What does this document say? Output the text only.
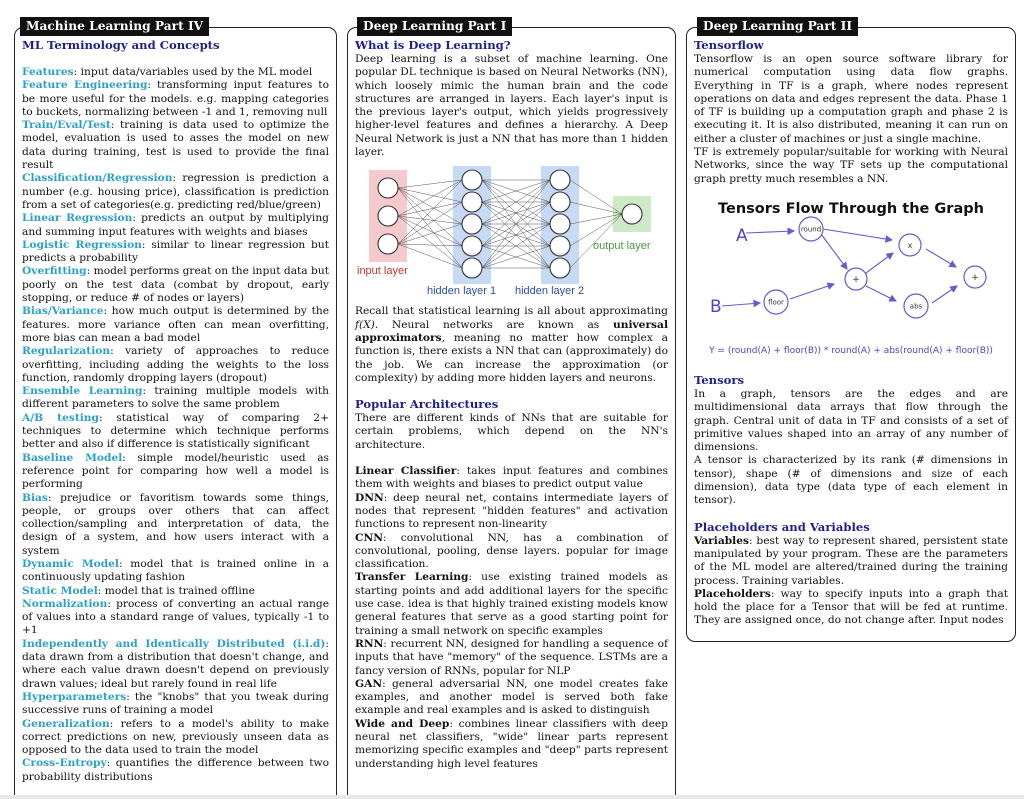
Machine Learning Part IV

ML Terminology and Concepts

Features: input data/variables used by the ML model

Feature Engineering: transforming input features to be more useful for the models. e.g. mapping categories to buckets, normalizing between -1 and 1, removing null

Train/Eval/Test: training is data used to optimize the model, evaluation is used to asses the model on new data during training, test is used to provide the final result

Classification/Regression: regression is prediction a number (e.g. housing price), classification is prediction from a set of categories(e.g. predicting red/blue/green)

Linear Regression: predicts an output by multiplying and summing input features with weights and biases

Logistic Regression: similar to linear regression but predicts a probability

Overfitting: model performs great on the input data but poorly on the test data (combat by dropout, early stopping, or reduce # of nodes or layers)

Bias/Variance: how much output is determined by the features. more variance often can mean overfitting, more bias can mean a bad model

Regularization: variety of approaches to reduce overfitting, including adding the weights to the loss function, randomly dropping layers (dropout)

Ensemble Learning: training multiple models with different parameters to solve the same problem

A/B testing: statistical way of comparing 2+ techniques to determine which technique performs better and also if difference is statistically significant

Baseline Model: simple model/heuristic used as reference point for comparing how well a model is performing

Bias: prejudice or favoritism towards some things, people, or groups over others that can affect collection/sampling and interpretation of data, the design of a system, and how users interact with a system

Dynamic Model: model that is trained online in a continuously updating fashion

Static Model: model that is trained offline

Normalization: process of converting an actual range of values into a standard range of values, typically -1 to +1

Independently and Identically Distributed (i.i.d): data drawn from a distribution that doesn't change, and where each value drawn doesn't depend on previously drawn values; ideal but rarely found in real life

Hyperparameters: the "knobs" that you tweak during successive runs of training a model

Generalization: refers to a model's ability to make correct predictions on new, previously unseen data as opposed to the data used to train the model

Cross-Entropy: quantifies the difference between two probability distributions

Deep Learning Part I

What is Deep Learning?

Deep learning is a subset of machine learning. One popular DL technique is based on Neural Networks (NN), which loosely mimic the human brain and the code structures are arranged in layers. Each layer's input is the previous layer's output, which yields progressively higher-level features and defines a hierarchy. A Deep Neural Network is just a NN that has more than 1 hidden layer.

input layer
hidden layer 1 hidden layer 2
output layer

Recall that statistical learning is all about approximating f(X). Neural networks are known as universal approximators, meaning no matter how complex a function is, there exists a NN that can (approximately) do the job. We can increase the approximation (or complexity) by adding more hidden layers and neurons.

Popular Architectures

There are different kinds of NNs that are suitable for certain problems, which depend on the NN's architecture.

Linear Classifier: takes input features and combines them with weights and biases to predict output value

DNN: deep neural net, contains intermediate layers of nodes that represent "hidden features" and activation functions to represent non-linearity

CNN: convolutional NN, has a combination of convolutional, pooling, dense layers. popular for image classification.

Transfer Learning: use existing trained models as starting points and add additional layers for the specific use case. idea is that highly trained existing models know general features that serve as a good starting point for training a small network on specific examples

RNN: recurrent NN, designed for handling a sequence of inputs that have "memory" of the sequence. LSTMs are a fancy version of RNNs, popular for NLP

GAN: general adversarial NN, one model creates fake examples, and another model is served both fake example and real examples and is asked to distinguish

Wide and Deep: combines linear classifiers with deep neural net classifiers, "wide" linear parts represent memorizing specific examples and "deep" parts represent understanding high level features

Deep Learning Part II

Tensorflow

Tensorflow is an open source software library for numerical computation using data flow graphs. Everything in TF is a graph, where nodes represent operations on data and edges represent the data. Phase 1 of TF is building up a computation graph and phase 2 is executing it. It is also distributed, meaning it can run on either a cluster of machines or just a single machine.

TF is extremely popular/suitable for working with Neural Networks, since the way TF sets up the computational graph pretty much resembles a NN.

Tensors Flow Through the Graph
A
B
round
floor
+
x
abs
+
Y = (round(A) + floor(B)) * round(A) + abs(round(A) + floor(B))

Tensors

In a graph, tensors are the edges and are multidimensional data arrays that flow through the graph. Central unit of data in TF and consists of a set of primitive values shaped into an array of any number of dimensions.

A tensor is characterized by its rank (# dimensions in tensor), shape (# of dimensions and size of each dimension), data type (data type of each element in tensor).

Placeholders and Variables

Variables: best way to represent shared, persistent state manipulated by your program. These are the parameters of the ML model are altered/trained during the training process. Training variables.

Placeholders: way to specify inputs into a graph that hold the place for a Tensor that will be fed at runtime. They are assigned once, do not change after. Input nodes
